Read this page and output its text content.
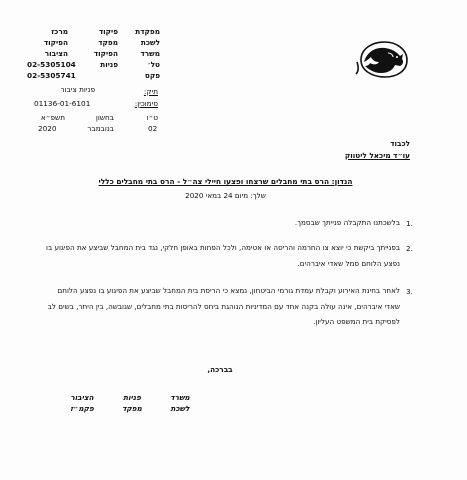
מפקדת
לשכת
משרד
טל׳
פקס
פיקוד
מפקד
הפיקוד
פניות
מרכז
הפיקוד
הציבור
02-5305104
02-5305741
פניות ציבור	תיק:
סימוכין:
01136-01-6101
ט״ו
בחשון
תשפ״א
02
בנובמבר
2020
לכבוד
עו״ד מיכאל ליטווק
הנדון: הרס בתי מחבלים שרצחו ופצעו חיילי צה״ל - הרס בתי מחבלים כללי
שלך: מיום 24 במאי 2020
1.
בלשכתנו התקבלה פנייתך שבסמך.
2.
בפנייתך ביקשת כי יוצא צו החרמה והריסה או אטימה, ולכל הפחות באופן חלקי, נגד בית המחבל שביצע את הפיגוע בו נפצע הלוחם סמל שאדי איברהים.
3.
לאחר בחינת האירוע וקבלת עמדת גורמי הביטחון, נמצא כי הריסת בית המחבל שביצע את הפיגוע בו נפצע הלוחם שאדי איברהים, אינה עולה בקנה אחד עם המדיניות הנוהגת ביחס להריסות בתי מחבלים, שגובשה, בין היתר, בשים לב לפסיקת בית המשפט העליון.
בברכה,
משרד
לשכת
פניות
מפקד
הציבור
פקמ״ז
